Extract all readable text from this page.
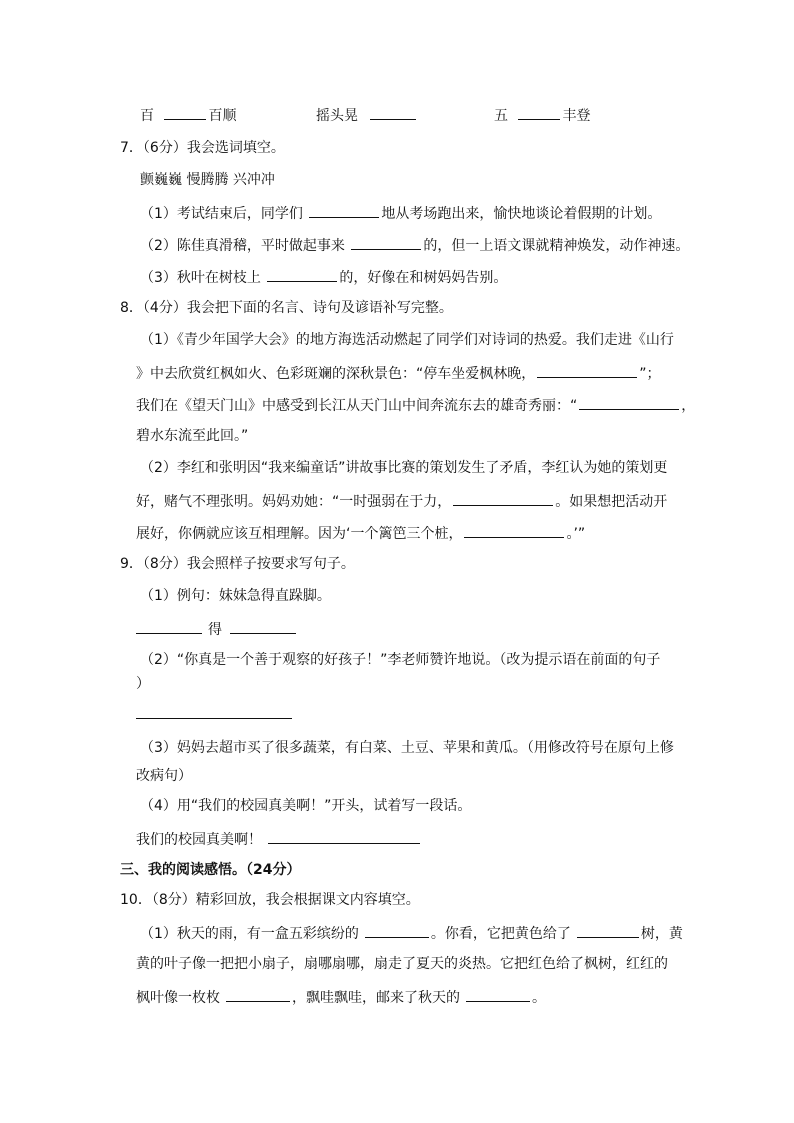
百	百顺	摇头晃	五	丰登
7．（6分）我会选词填空。
颤巍巍 慢腾腾 兴冲冲
（1）考试结束后，同学们	地从考场跑出来，愉快地谈论着假期的计划。
（2）陈佳真滑稽，平时做起事来	的，但一上语文课就精神焕发，动作神速。
（3）秋叶在树枝上	的，好像在和树妈妈告别。
8．（4分）我会把下面的名言、诗句及谚语补写完整。
（1）《青少年国学大会》的地方海选活动燃起了同学们对诗词的热爱。我们走进《山行
》中去欣赏红枫如火、色彩斑斓的深秋景色：“停车坐爱枫林晚，	”；
我们在《望天门山》中感受到长江从天门山中间奔流东去的雄奇秀丽：“	，
碧水东流至此回。”
（2）李红和张明因“我来编童话”讲故事比赛的策划发生了矛盾，李红认为她的策划更
好，赌气不理张明。妈妈劝她：“一时强弱在于力，	。如果想把活动开
展好，你俩就应该互相理解。因为‘一个篱笆三个桩，	。’”
9．（8分）我会照样子按要求写句子。
（1）例句：妹妹急得直跺脚。
得
（2）“你真是一个善于观察的好孩子！”李老师赞许地说。（改为提示语在前面的句子
）
（3）妈妈去超市买了很多蔬菜，有白菜、土豆、苹果和黄瓜。（用修改符号在原句上修
改病句）
（4）用“我们的校园真美啊！”开头，试着写一段话。
我们的校园真美啊！
三、我的阅读感悟。（24分）
10．（8分）精彩回放，我会根据课文内容填空。
（1）秋天的雨，有一盒五彩缤纷的	。你看，它把黄色给了	树，黄
黄的叶子像一把把小扇子，扇哪扇哪，扇走了夏天的炎热。它把红色给了枫树，红红的
枫叶像一枚枚	，飘哇飘哇，邮来了秋天的	。
